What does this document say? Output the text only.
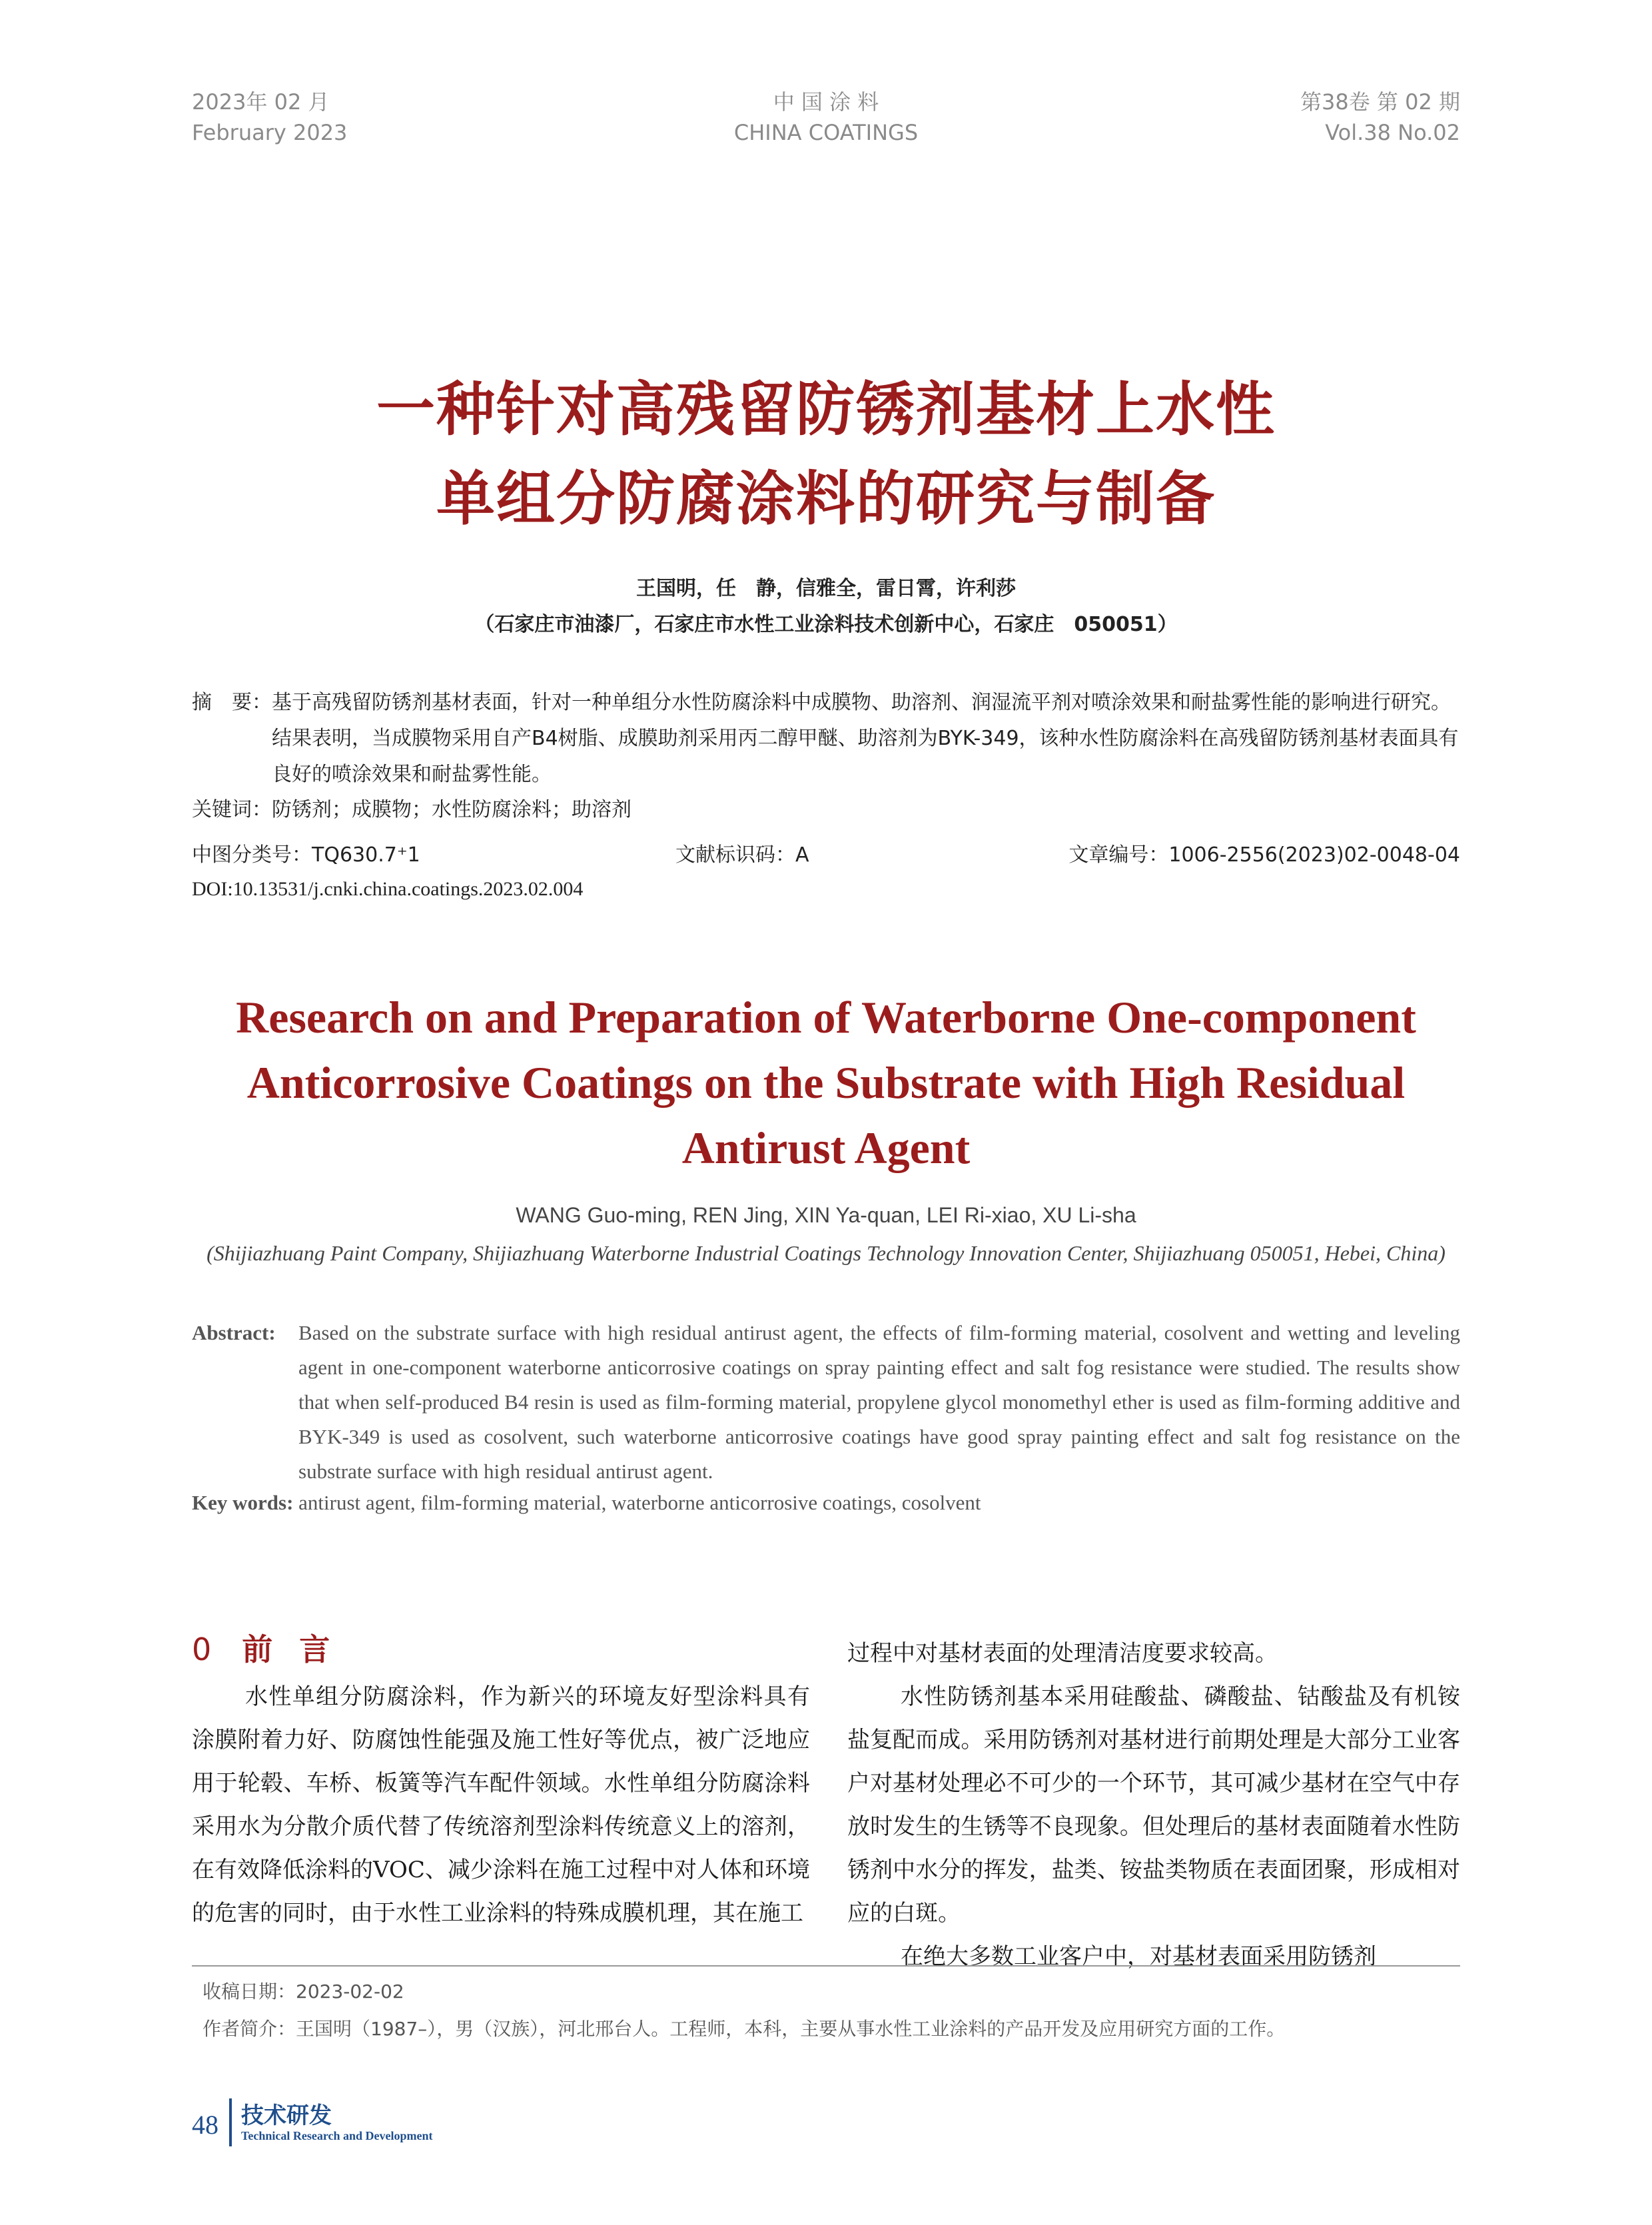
2023年 02 月
February 2023
中 国 涂 料
CHINA COATINGS
第38卷 第 02 期
Vol.38 No.02
一种针对高残留防锈剂基材上水性
单组分防腐涂料的研究与制备
王国明，任　静，信雅全，雷日霄，许利莎
（石家庄市油漆厂，石家庄市水性工业涂料技术创新中心，石家庄　050051）
摘　要： 基于高残留防锈剂基材表面，针对一种单组分水性防腐涂料中成膜物、助溶剂、润湿流平剂对喷涂效果和耐盐雾性能的影响进行研究。结果表明，当成膜物采用自产B4树脂、成膜助剂采用丙二醇甲醚、助溶剂为BYK-349，该种水性防腐涂料在高残留防锈剂基材表面具有良好的喷涂效果和耐盐雾性能。
关键词：防锈剂；成膜物；水性防腐涂料；助溶剂
中图分类号：TQ630.7⁺1	文献标识码：A	文章编号：1006-2556(2023)02-0048-04
DOI:10.13531/j.cnki.china.coatings.2023.02.004
Research on and Preparation of Waterborne One-component
Anticorrosive Coatings on the Substrate with High Residual
Antirust Agent
WANG Guo-ming, REN Jing, XIN Ya-quan, LEI Ri-xiao, XU Li-sha
(Shijiazhuang Paint Company, Shijiazhuang Waterborne Industrial Coatings Technology Innovation Center, Shijiazhuang 050051, Hebei, China)
Abstract: Based on the substrate surface with high residual antirust agent, the effects of film-forming material, cosolvent and wetting and leveling agent in one-component waterborne anticorrosive coatings on spray painting effect and salt fog resistance were studied. The results show that when self-produced B4 resin is used as film-forming material, propylene glycol monomethyl ether is used as film-forming additive and BYK-349 is used as cosolvent, such waterborne anticorrosive coatings have good spray painting effect and salt fog resistance on the substrate surface with high residual antirust agent.
Key words: antirust agent, film-forming material, waterborne anticorrosive coatings, cosolvent
0 前言

水性单组分防腐涂料，作为新兴的环境友好型涂料具有涂膜附着力好、防腐蚀性能强及施工性好等优点，被广泛地应用于轮毂、车桥、板簧等汽车配件领域。水性单组分防腐涂料采用水为分散介质代替了传统溶剂型涂料传统意义上的溶剂，在有效降低涂料的VOC、减少涂料在施工过程中对人体和环境的危害的同时，由于水性工业涂料的特殊成膜机理，其在施工

过程中对基材表面的处理清洁度要求较高。

水性防锈剂基本采用硅酸盐、磷酸盐、钴酸盐及有机铵盐复配而成。采用防锈剂对基材进行前期处理是大部分工业客户对基材处理必不可少的一个环节，其可减少基材在空气中存放时发生的生锈等不良现象。但处理后的基材表面随着水性防锈剂中水分的挥发，盐类、铵盐类物质在表面团聚，形成相对应的白斑。

在绝大多数工业客户中，对基材表面采用防锈剂

收稿日期：2023-02-02
作者简介：王国明（1987–），男（汉族），河北邢台人。工程师，本科，主要从事水性工业涂料的产品开发及应用研究方面的工作。
48 技术研发
Technical Research and Development
